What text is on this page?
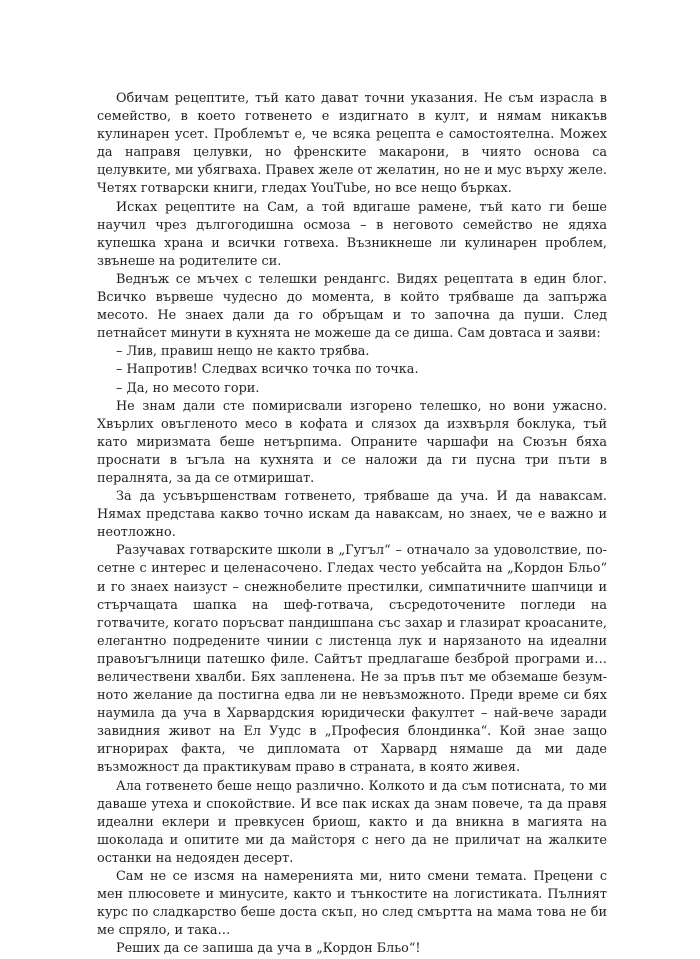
Обичам рецептите, тъй като дават точни указания. Не съм израсла в семейство, в което готвенето е издигнато в култ, и нямам никакъв кулинарен усет. Проблемът е, че всяка рецепта е самостоятелна. Можех да направя целувки, но френските макарони, в чиято основа са целувките, ми убягваха. Правех желе от желатин, но не и мус върху желе. Четях готварски книги, гледах YouTube, но все нещо бъркаx.

Исках рецептите на Сам, а той вдигаше рамене, тъй като ги беше научил чрез дългогодишна осмоза – в неговото семейство не ядяха купешка храна и всички готвеха. Възникнеше ли кулинарен проблем, звънеше на родителите си.

Веднъж се мъчех с телешки рендангс. Видях рецептата в един блог. Всичко вървеше чудесно до момента, в който трябваше да запържа месото. Не знаех дали да го обръщам и то започна да пуши. След петнайсет минути в кухнята не можеше да се диша. Сам довтаса и заяви:

– Лив, правиш нещо не както трябва.

– Напротив! Следвах всичко точка по точка.

– Да, но месото гори.

Не знам дали сте помирисвали изгорено телешко, но вони ужасно. Хвърлих овъгленото месо в кофата и слязох да изхвърля боклука, тъй като миризмата беше нетърпима. Опраните чаршафи на Сюзън бяха проснати в ъгъла на кухнята и се наложи да ги пусна три пъти в пералнята, за да се отмиришат.

За да усъвършенствам готвенето, трябваше да уча. И да наваксам. Нямах представа какво точно искам да наваксам, но знаех, че е важно и неотложно.

Разучавах готварските школи в „Гугъл“ – отначало за удоволствие, по-сетне с интерес и целенасочено. Гледах често уебсайта на „Кордон Бльо“ и го знаех наизуст – снежнобелите престилки, симпатичните шапчици и стърчащата шапка на шеф-готвача, съсредоточените погледи на готвачите, когато поръсват пандишпана със захар и глазират кроасаните, елегантно подредените чинии с листенца лук и нарязаното на идеални правоъгълници патешко филе. Сайтът предлагаше безброй програми и… величествени хвалби. Бях запленена. Не за пръв път ме обземаше безум-ното желание да постигна едва ли не невъзможното. Преди време си бях наумила да уча в Харвардския юридически факултет – най-вече заради завидния живот на Ел Уудс в „Професия блондинка“. Кой знае защо игнорирах факта, че дипломата от Харвард нямаше да ми даде възможност да практикувам право в страната, в която живея.

Ала готвенето беше нещо различно. Колкото и да съм потисната, то ми даваше утеха и спокойствие. И все пак исках да знам повече, та да правя идеални еклери и превкусен бриош, както и да вникна в магията на шоколада и опитите ми да майсторя с него да не приличат на жалките останки на недояден десерт.

Сам не се изсмя на намеренията ми, нито смени темата. Прецени с мен плюсовете и минусите, както и тънкостите на логистиката. Пълният курс по сладкарство беше доста скъп, но след смъртта на мама това не би ме спряло, и така…

Реших да се запиша да уча в „Кордон Бльо“!
